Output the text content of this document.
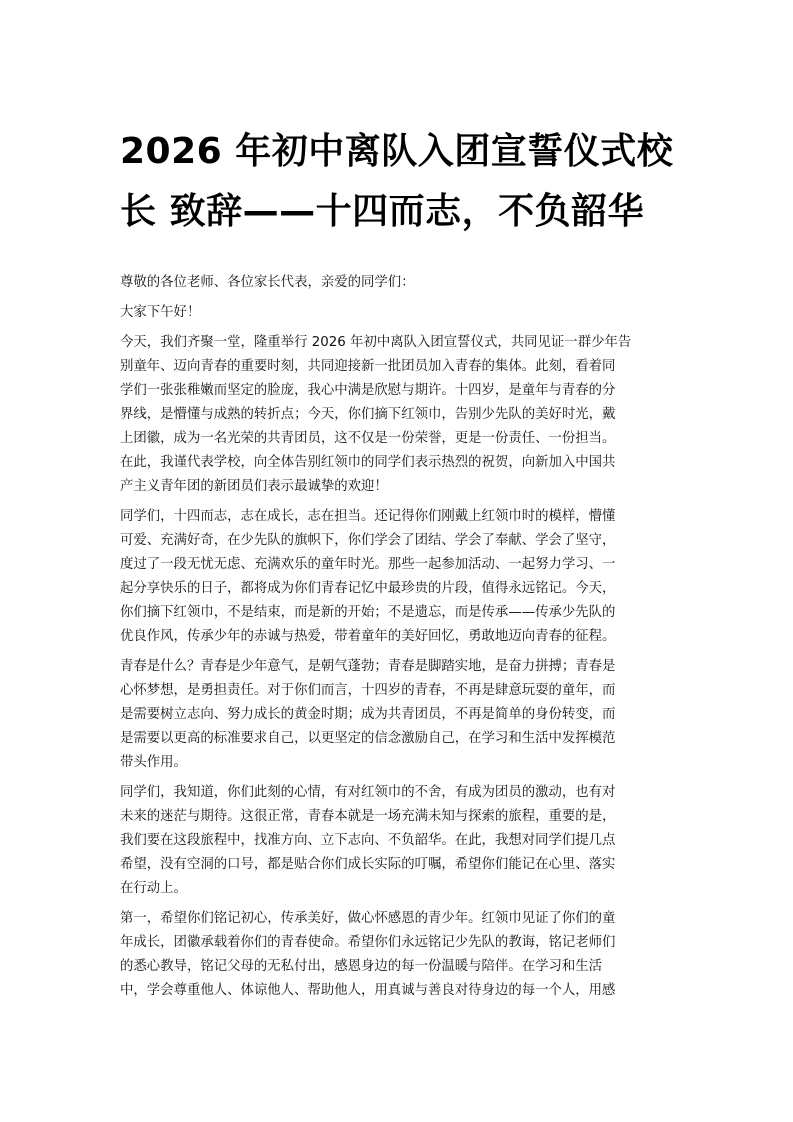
2026 年初中离队入团宣誓仪式校长 致辞——十四而志，不负韶华

尊敬的各位老师、各位家长代表，亲爱的同学们：

大家下午好！

今天，我们齐聚一堂，隆重举行 2026 年初中离队入团宣誓仪式，共同见证一群少年告
别童年、迈向青春的重要时刻，共同迎接新一批团员加入青春的集体。此刻，看着同
学们一张张稚嫩而坚定的脸庞，我心中满是欣慰与期许。十四岁，是童年与青春的分
界线，是懵懂与成熟的转折点；今天，你们摘下红领巾，告别少先队的美好时光，戴
上团徽，成为一名光荣的共青团员，这不仅是一份荣誉，更是一份责任、一份担当。
在此，我谨代表学校，向全体告别红领巾的同学们表示热烈的祝贺，向新加入中国共
产主义青年团的新团员们表示最诚挚的欢迎！

同学们，十四而志，志在成长，志在担当。还记得你们刚戴上红领巾时的模样，懵懂
可爱、充满好奇，在少先队的旗帜下，你们学会了团结、学会了奉献、学会了坚守，
度过了一段无忧无虑、充满欢乐的童年时光。那些一起参加活动、一起努力学习、一
起分享快乐的日子，都将成为你们青春记忆中最珍贵的片段，值得永远铭记。今天，
你们摘下红领巾，不是结束，而是新的开始；不是遗忘，而是传承——传承少先队的
优良作风，传承少年的赤诚与热爱，带着童年的美好回忆，勇敢地迈向青春的征程。

青春是什么？青春是少年意气，是朝气蓬勃；青春是脚踏实地，是奋力拼搏；青春是
心怀梦想，是勇担责任。对于你们而言，十四岁的青春，不再是肆意玩耍的童年，而
是需要树立志向、努力成长的黄金时期；成为共青团员，不再是简单的身份转变，而
是需要以更高的标准要求自己，以更坚定的信念激励自己，在学习和生活中发挥模范
带头作用。

同学们，我知道，你们此刻的心情，有对红领巾的不舍，有成为团员的激动，也有对
未来的迷茫与期待。这很正常，青春本就是一场充满未知与探索的旅程，重要的是，
我们要在这段旅程中，找准方向、立下志向、不负韶华。在此，我想对同学们提几点
希望，没有空洞的口号，都是贴合你们成长实际的叮嘱，希望你们能记在心里、落实
在行动上。

第一，希望你们铭记初心，传承美好，做心怀感恩的青少年。红领巾见证了你们的童
年成长，团徽承载着你们的青春使命。希望你们永远铭记少先队的教诲，铭记老师们
的悉心教导，铭记父母的无私付出，感恩身边的每一份温暖与陪伴。在学习和生活
中，学会尊重他人、体谅他人、帮助他人，用真诚与善良对待身边的每一个人，用感
